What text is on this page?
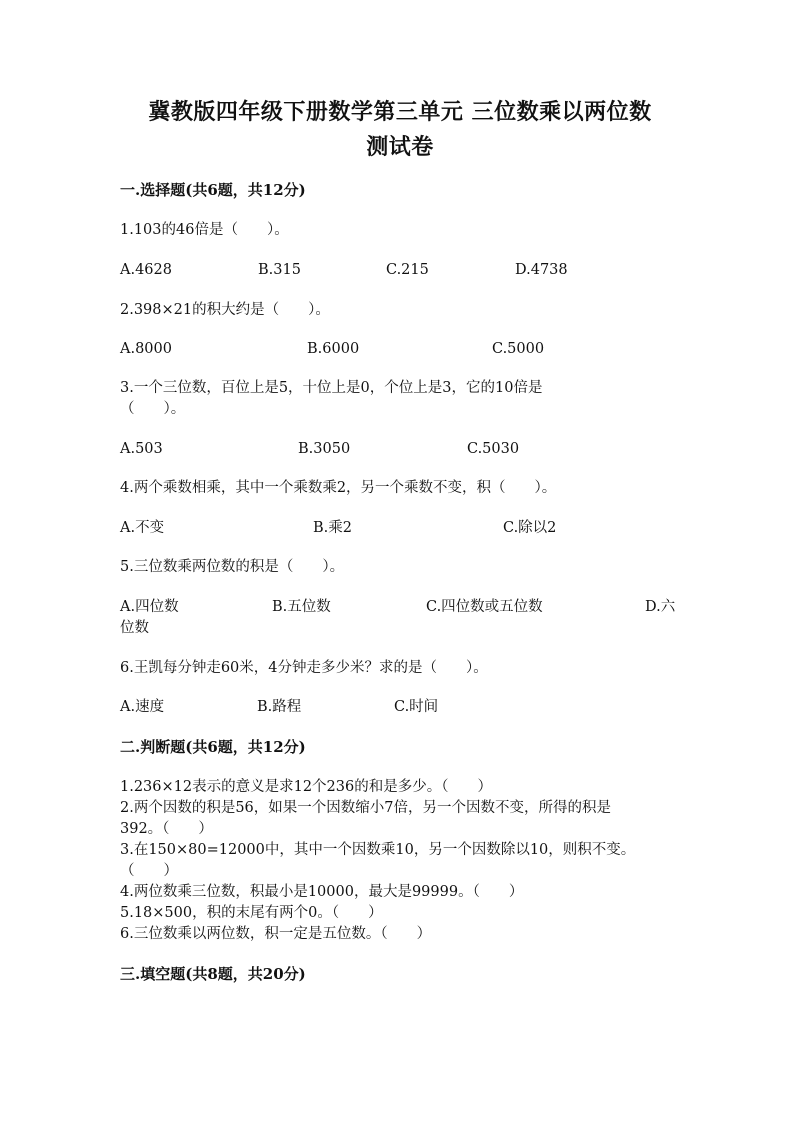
冀教版四年级下册数学第三单元 三位数乘以两位数
测试卷
一.选择题(共6题，共12分)
1.103的46倍是（　　）。
A.4628	B.315	C.215	D.4738
2.398×21的积大约是（　　）。
A.8000	B.6000	C.5000
3.一个三位数，百位上是5，十位上是0，个位上是3，它的10倍是
（　　）。
A.503	B.3050	C.5030
4.两个乘数相乘，其中一个乘数乘2，另一个乘数不变，积（　　）。
A.不变	B.乘2	C.除以2
5.三位数乘两位数的积是（　　）。
A.四位数	B.五位数	C.四位数或五位数	D.六
位数
6.王凯每分钟走60米，4分钟走多少米？求的是（　　）。
A.速度	B.路程	C.时间
二.判断题(共6题，共12分)
1.236×12表示的意义是求12个236的和是多少。（　　）
2.两个因数的积是56，如果一个因数缩小7倍，另一个因数不变，所得的积是
392。（　　）
3.在150×80=12000中，其中一个因数乘10，另一个因数除以10，则积不变。
（　　）
4.两位数乘三位数，积最小是10000，最大是99999。（　　）
5.18×500，积的末尾有两个0。（　　）
6.三位数乘以两位数，积一定是五位数。（　　）
三.填空题(共8题，共20分)
